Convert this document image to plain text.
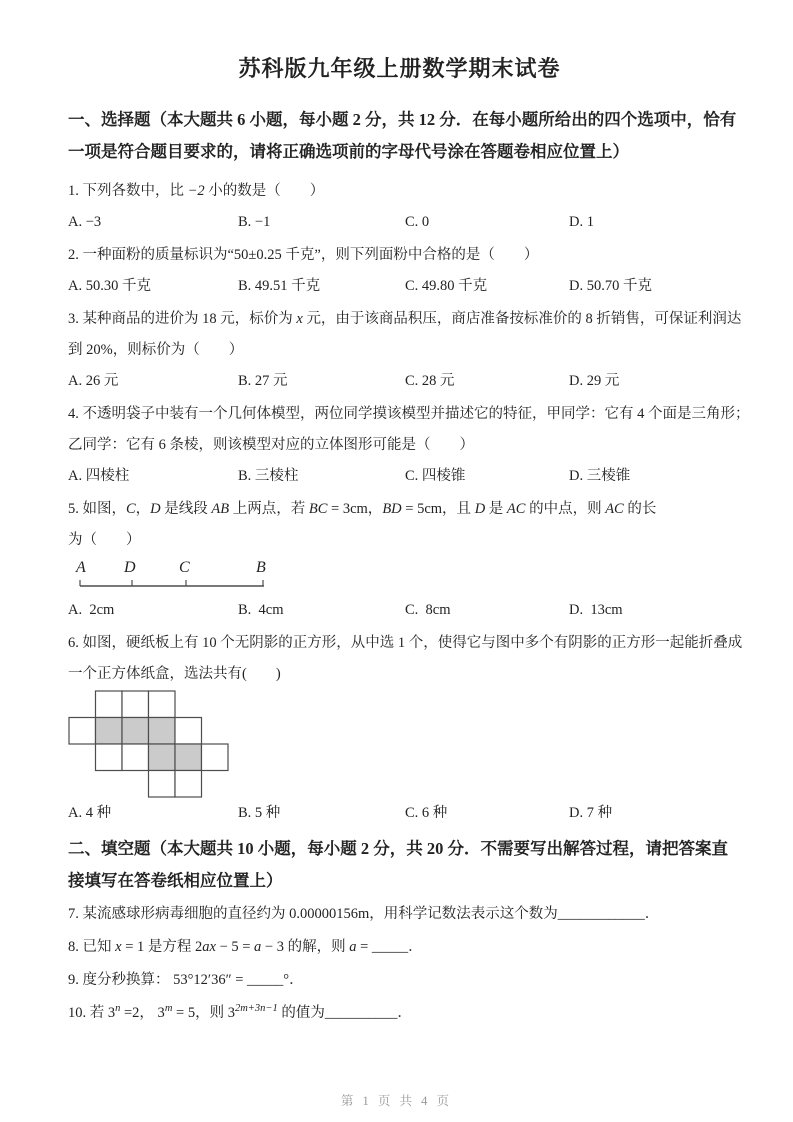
苏科版九年级上册数学期末试卷
一、选择题（本大题共 6 小题，每小题 2 分，共 12 分．在每小题所给出的四个选项中，恰有
一项是符合题目要求的，请将正确选项前的字母代号涂在答题卷相应位置上）
1. 下列各数中，比 −2 小的数是（　　）
A. −3	B. −1	C. 0	D. 1
2. 一种面粉的质量标识为“50±0.25 千克”，则下列面粉中合格的是（　　）
A. 50.30 千克	B. 49.51 千克	C. 49.80 千克	D. 50.70 千克
3. 某种商品的进价为 18 元，标价为 x 元，由于该商品积压，商店准备按标准价的 8 折销售，可保证利润达
到 20%，则标价为（　　）
A. 26 元	B. 27 元	C. 28 元	D. 29 元
4. 不透明袋子中装有一个几何体模型，两位同学摸该模型并描述它的特征，甲同学：它有 4 个面是三角形；
乙同学：它有 6 条棱，则该模型对应的立体图形可能是（　　）
A. 四棱柱	B. 三棱柱	C. 四棱锥	D. 三棱锥
5. 如图，C，D 是线段 AB 上两点，若 BC = 3cm，BD = 5cm，且 D 是 AC 的中点，则 AC 的长
为（　　）
A D	C	B
A.  2cm	B.  4cm	C.  8cm	D.  13cm
6. 如图，硬纸板上有 10 个无阴影的正方形，从中选 1 个，使得它与图中多个有阴影的正方形一起能折叠成
一个正方体纸盒，选法共有(　　)
A. 4 种	B. 5 种	C. 6 种	D. 7 种
二、填空题（本大题共 10 小题，每小题 2 分，共 20 分．不需要写出解答过程，请把答案直
接填写在答卷纸相应位置上）
7. 某流感球形病毒细胞的直径约为 0.00000156m，用科学记数法表示这个数为____________．
8. 已知 x = 1 是方程 2ax − 5 = a − 3 的解，则 a = _____．
9. 度分秒换算： 53°12′36″ = _____°．
10. 若 $3^n =2$， $3^m = 5$，则 $3^{2m+3n-1}$ 的值为__________．
第 1 页 共 4 页
